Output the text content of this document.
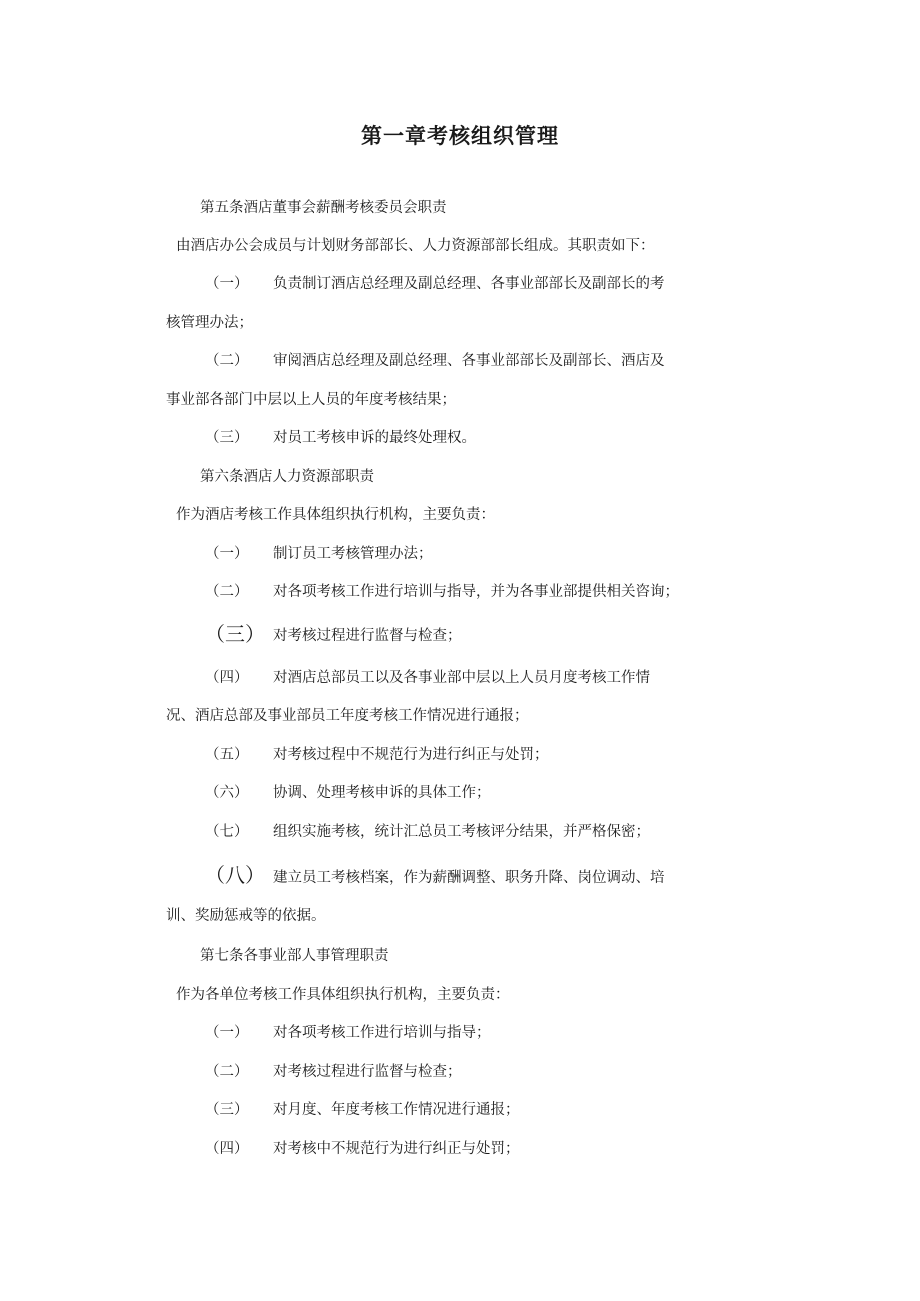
第一章考核组织管理
第五条酒店董事会薪酬考核委员会职责
由酒店办公会成员与计划财务部部长、人力资源部部长组成。其职责如下：
（一） 负责制订酒店总经理及副总经理、各事业部部长及副部长的考
核管理办法；
（二） 审阅酒店总经理及副总经理、各事业部部长及副部长、酒店及
事业部各部门中层以上人员的年度考核结果；
（三） 对员工考核申诉的最终处理权。
第六条酒店人力资源部职责
作为酒店考核工作具体组织执行机构，主要负责：
（一） 制订员工考核管理办法；
（二） 对各项考核工作进行培训与指导，并为各事业部提供相关咨询；
（三） 对考核过程进行监督与检查；
（四） 对酒店总部员工以及各事业部中层以上人员月度考核工作情
况、酒店总部及事业部员工年度考核工作情况进行通报；
（五） 对考核过程中不规范行为进行纠正与处罚；
（六） 协调、处理考核申诉的具体工作；
（七） 组织实施考核，统计汇总员工考核评分结果，并严格保密；
（八） 建立员工考核档案，作为薪酬调整、职务升降、岗位调动、培
训、奖励惩戒等的依据。
第七条各事业部人事管理职责
作为各单位考核工作具体组织执行机构，主要负责：
（一） 对各项考核工作进行培训与指导；
（二） 对考核过程进行监督与检查；
（三） 对月度、年度考核工作情况进行通报；
（四） 对考核中不规范行为进行纠正与处罚；
